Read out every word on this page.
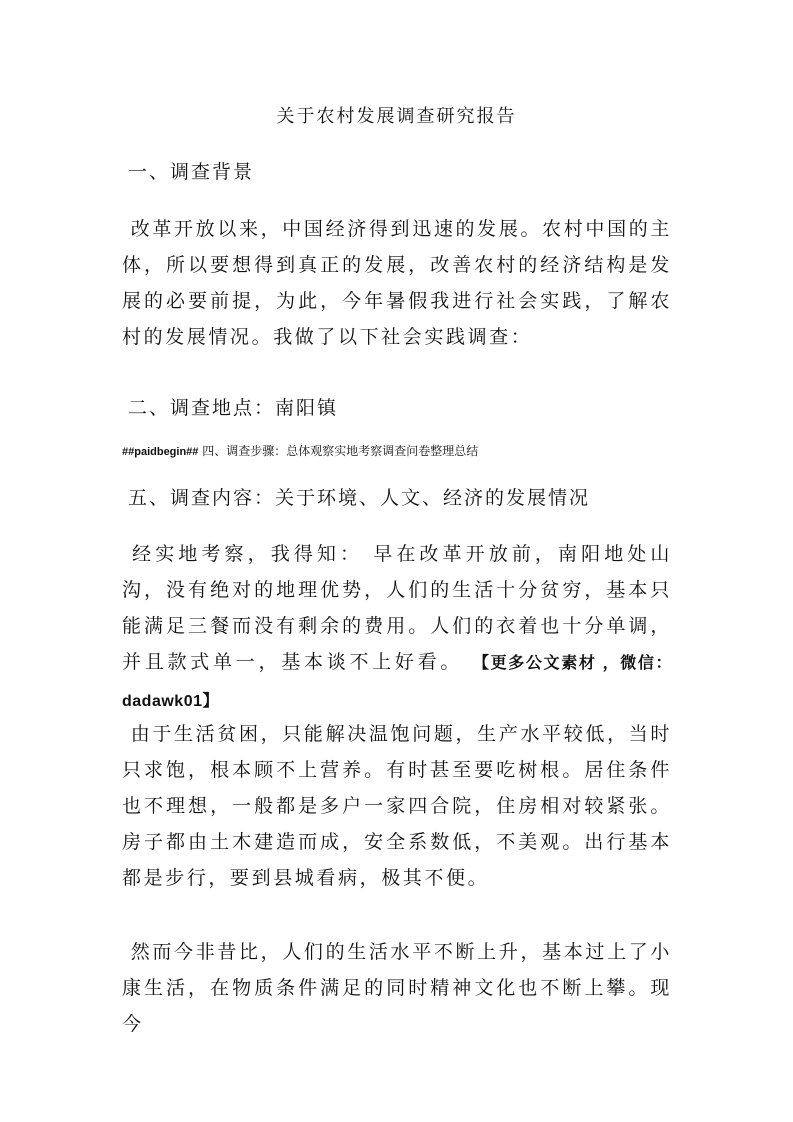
关于农村发展调查研究报告
一、调查背景

改革开放以来，中国经济得到迅速的发展。农村中国的主体，所以要想得到真正的发展，改善农村的经济结构是发展的必要前提，为此，今年暑假我进行社会实践，了解农村的发展情况。我做了以下社会实践调查：

二、调查地点：南阳镇
##paidbegin## 四、调查步骤：总体观察实地考察调查问卷整理总结
五、调查内容：关于环境、人文、经济的发展情况

经实地考察，我得知： 早在改革开放前，南阳地处山沟，没有绝对的地理优势，人们的生活十分贫穷，基本只能满足三餐而没有剩余的费用。人们的衣着也十分单调，并且款式单一，基本谈不上好看。 【更多公文素材 ，微信：dadawk01】

由于生活贫困，只能解决温饱问题，生产水平较低，当时只求饱，根本顾不上营养。有时甚至要吃树根。居住条件也不理想，一般都是多户一家四合院，住房相对较紧张。房子都由土木建造而成，安全系数低，不美观。出行基本都是步行，要到县城看病，极其不便。

然而今非昔比，人们的生活水平不断上升，基本过上了小康生活，在物质条件满足的同时精神文化也不断上攀。现今
